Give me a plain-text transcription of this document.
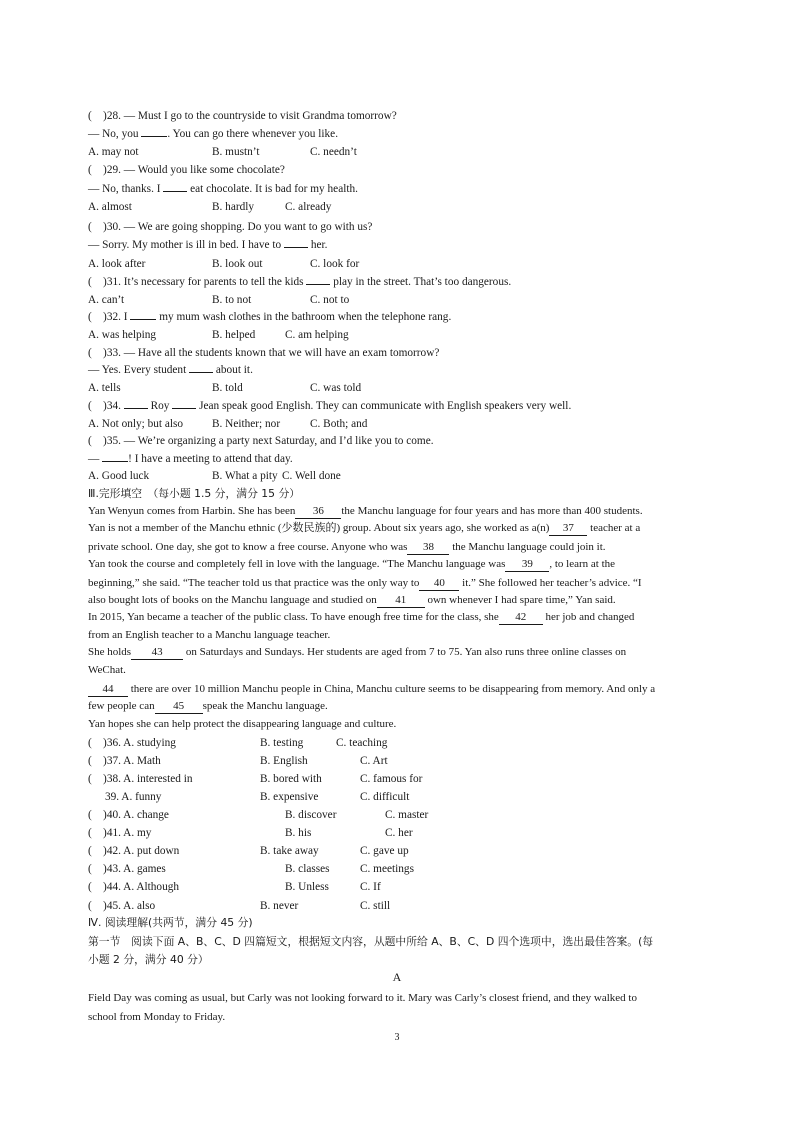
(    )28. — Must I go to the countryside to visit Grandma tomorrow?
— No, you	. You can go there whenever you like.
A. may not	B. mustn’t	C. needn’t
(    )29. — Would you like some chocolate?
— No, thanks. I  eat chocolate. It is bad for my health.
A. almost	B. hardly	C. already
(    )30. — We are going shopping. Do you want to go with us?
— Sorry. My mother is ill in bed. I have to  her.
A. look after	B. look out	C. look for
(    )31. It’s necessary for parents to tell the kids  play in the street. That’s too dangerous.
A. can’t	B. to not	C. not to
(    )32. I	my mum wash clothes in the bathroom when the telephone rang.
A. was helping	B. helped	C. am helping
(    )33. — Have all the students known that we will have an exam tomorrow?
— Yes. Every student  about it.
A. tells	B. told	C. was told
(    )34.  Roy  Jean speak good English. They can communicate with English speakers very well.
A. Not only; but also	B. Neither; nor	C. Both; and
(    )35. — We’re organizing a party next Saturday, and I’d like you to come.
—	! I have a meeting to attend that day.
A. Good luck	B. What a pity C. Well done
Ⅲ.完形填空　（每小题 1.5 分，满分 15 分）
Yan Wenyun comes from Harbin. She has been 36 the Manchu language for four years and has more than 400 students.
Yan is not a member of the Manchu ethnic (少数民族的) group. About six years ago, she worked as a(n) 37 teacher at a
private school. One day, she got to know a free course. Anyone who was 38 the Manchu language could join it.
Yan took the course and completely fell in love with the language. “The Manchu language was 39 , to learn at the
beginning,” she said. “The teacher told us that practice was the only way to 40 it.” She followed her teacher’s advice. “I
also bought lots of books on the Manchu language and studied on 41 own whenever I had spare time,” Yan said.
In 2015, Yan became a teacher of the public class. To have enough free time for the class, she 42 her job and changed
from an English teacher to a Manchu language teacher.
She holds 43 on Saturdays and Sundays. Her students are aged from 7 to 75. Yan also runs three online classes on
WeChat.
44 there are over 10 million Manchu people in China, Manchu culture seems to be disappearing from memory. And only a
few people can 45 speak the Manchu language.
Yan hopes she can help protect the disappearing language and culture.
(    )36. A. studying	B. testing	C. teaching
(    )37. A. Math	B. English	C. Art
(    )38. A. interested in	B. bored with	C. famous for
39. A. funny	B. expensive	C. difficult
(    )40. A. change	B. discover	C. master
(    )41. A. my	B. his	C. her
(    )42. A. put down	B. take away	C. gave up
(    )43. A. games	B. classes	C. meetings
(    )44. A. Although	B. Unless	C. If
(    )45. A. also	B. never	C. still
Ⅳ. 阅读理解(共两节，满分 45 分)
第一节　阅读下面 A、B、C、D 四篇短文，根据短文内容，从题中所给 A、B、C、D 四个选项中，选出最佳答案。(每
小题 2 分，满分 40 分）
A
Field Day was coming as usual, but Carly was not looking forward to it. Mary was Carly’s closest friend, and they walked to
school from Monday to Friday.
3
